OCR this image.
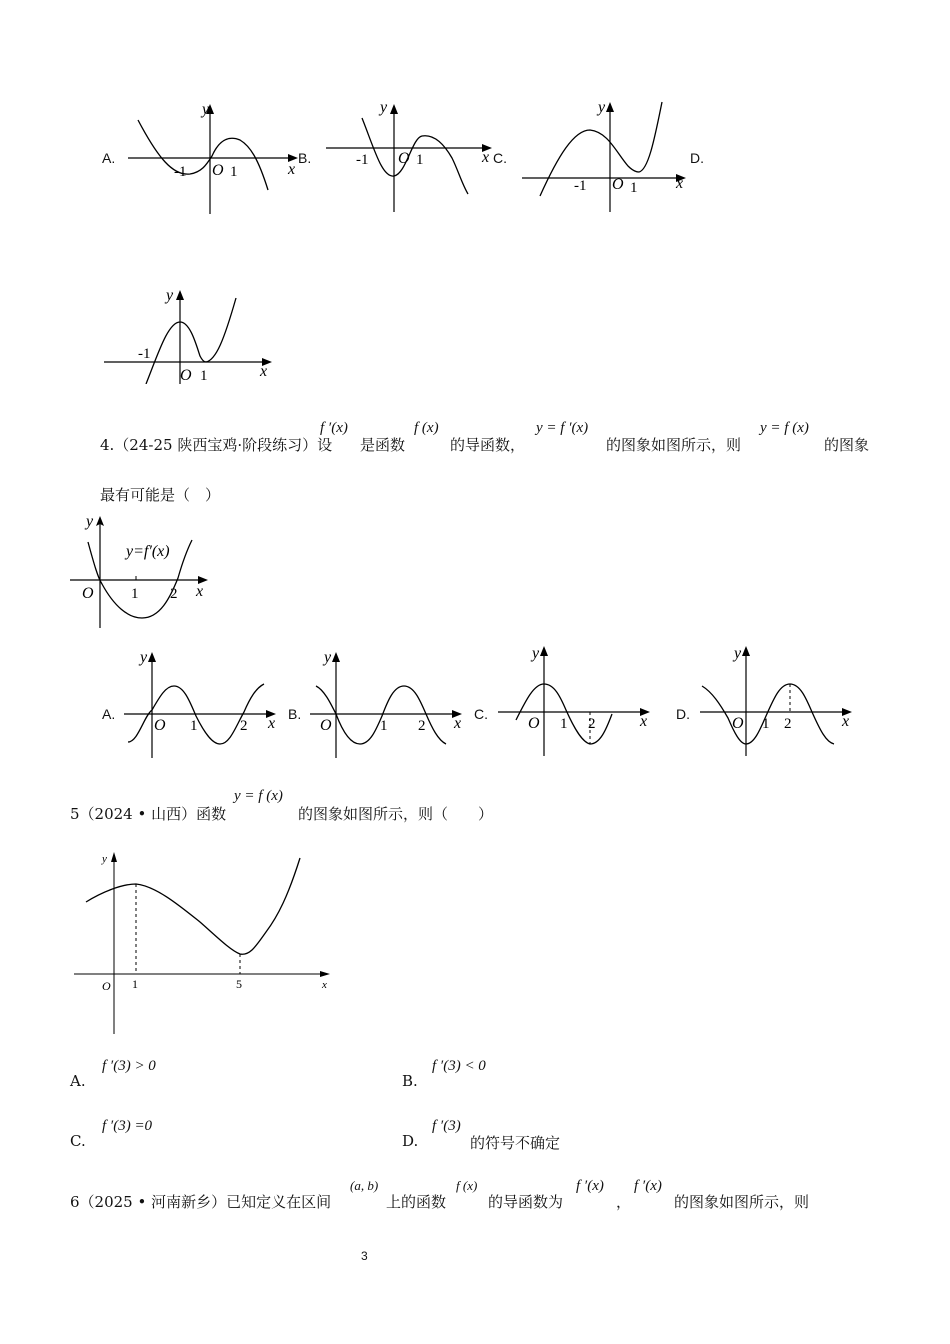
A.
y
x
-1	1
O
B.
y
x
-1	1
O	C.
y
x
-1	1
O
D.
y
x
-1
1
O
4.（24-25 陕西宝鸡·阶段练习）设
f ′(x)
是函数
f (x)
的导函数，
y = f ′(x)
的图象如图所示，则
y = f (x)
的图象
最有可能是（　）
y
y=f′(x)
O 1 2 x
A.
y
O 1	2 x
B.
y
O	1 2 x
C.
y
O 1 2	x D.
y
O 1 2	x
5（2024 • 山西）函数
y = f (x)
的图象如图所示，则（　　）
y
O 1	5	x
A.
f ′(3) > 0
B.
f ′(3) < 0
C.
f ′(3) =0
D.
f ′(3)
的符号不确定
6（2025 • 河南新乡）已知定义在区间
(a, b)
上的函数
f (x)
的导函数为
f ′(x)
，
f ′(x)
的图象如图所示，则
3
